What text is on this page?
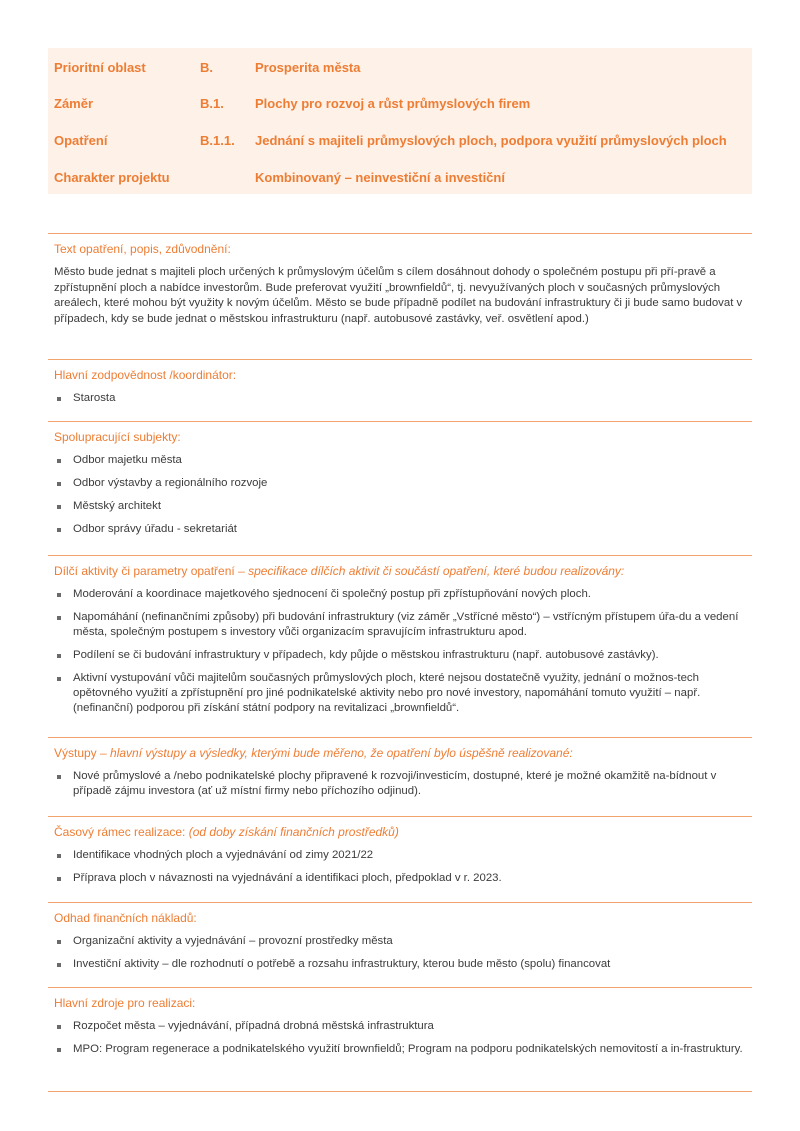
Prioritní oblast	B.	Prosperita města
Záměr	B.1. Plochy pro rozvoj a růst průmyslových firem
Opatření	B.1.1. Jednání s majiteli průmyslových ploch, podpora využití průmyslových ploch
Charakter projektu	Kombinovaný – neinvestiční a investiční
Text opatření, popis, zdůvodnění:
Město bude jednat s majiteli ploch určených k průmyslovým účelům s cílem dosáhnout dohody o společném postupu při pří-pravě a zpřístupnění ploch a nabídce investorům. Bude preferovat využití „brownfieldů“, tj. nevyužívaných ploch v současných průmyslových areálech, které mohou být využity k novým účelům. Město se bude případně podílet na budování infrastruktury či ji bude samo budovat v případech, kdy se bude jednat o městskou infrastrukturu (např. autobusové zastávky, veř. osvětlení apod.)
Hlavní zodpovědnost /koordinátor:
Starosta
Spolupracující subjekty:
Odbor majetku města
Odbor výstavby a regionálního rozvoje
Městský architekt
Odbor správy úřadu - sekretariát
Dílčí aktivity či parametry opatření – specifikace dílčích aktivit či součástí opatření, které budou realizovány:
Moderování a koordinace majetkového sjednocení či společný postup při zpřístupňování nových ploch.
Napomáhání (nefinančními způsoby) při budování infrastruktury (viz záměr „Vstřícné město“) – vstřícným přístupem úřa-du a vedení města, společným postupem s investory vůči organizacím spravujícím infrastrukturu apod.
Podílení se či budování infrastruktury v případech, kdy půjde o městskou infrastrukturu (např. autobusové zastávky).
Aktivní vystupování vůči majitelům současných průmyslových ploch, které nejsou dostatečně využity, jednání o možnos-tech opětovného využití a zpřístupnění pro jiné podnikatelské aktivity nebo pro nové investory, napomáhání tomuto využití – např. (nefinanční) podporou při získání státní podpory na revitalizaci „brownfieldů“.
Výstupy – hlavní výstupy a výsledky, kterými bude měřeno, že opatření bylo úspěšně realizované:
Nové průmyslové a /nebo podnikatelské plochy připravené k rozvoji/investicím, dostupné, které je možné okamžitě na-bídnout v případě zájmu investora (ať už místní firmy nebo příchozího odjinud).
Časový rámec realizace: (od doby získání finančních prostředků)
Identifikace vhodných ploch a vyjednávání od zimy 2021/22
Příprava ploch v návaznosti na vyjednávání a identifikaci ploch, předpoklad v r. 2023.
Odhad finančních nákladů:
Organizační aktivity a vyjednávání – provozní prostředky města
Investiční aktivity – dle rozhodnutí o potřebě a rozsahu infrastruktury, kterou bude město (spolu) financovat
Hlavní zdroje pro realizaci:
Rozpočet města – vyjednávání, případná drobná městská infrastruktura
MPO: Program regenerace a podnikatelského využití brownfieldů; Program na podporu podnikatelských nemovitostí a in-frastruktury.
